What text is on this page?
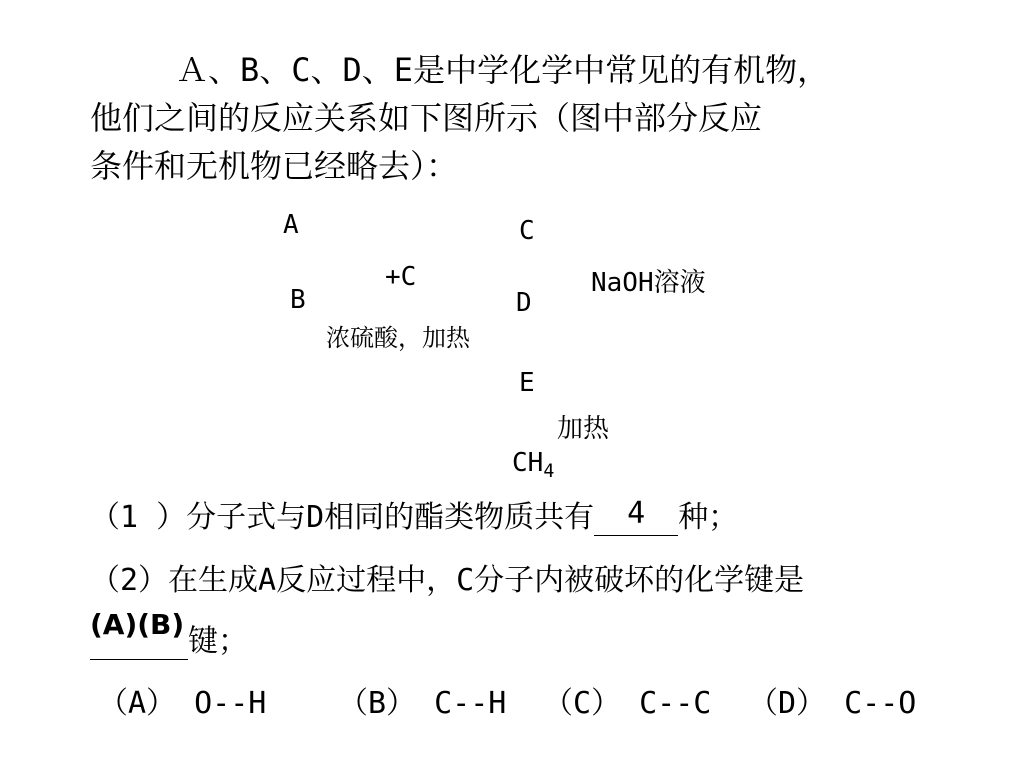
Ａ、B、C、D、E是中学化学中常见的有机物，
他们之间的反应关系如下图所示（图中部分反应
条件和无机物已经略去）：
A	C
+C	NaOH溶液
B	D
浓硫酸，加热
E
加热
$CH_4$
（1 ）分子式与D相同的酯类物质共有	4	种；
（2）在生成A反应过程中，C分子内被破坏的化学键是
(A)(B) 键；
（A） O--H （B） C--H （C） C--C （D） C--O
